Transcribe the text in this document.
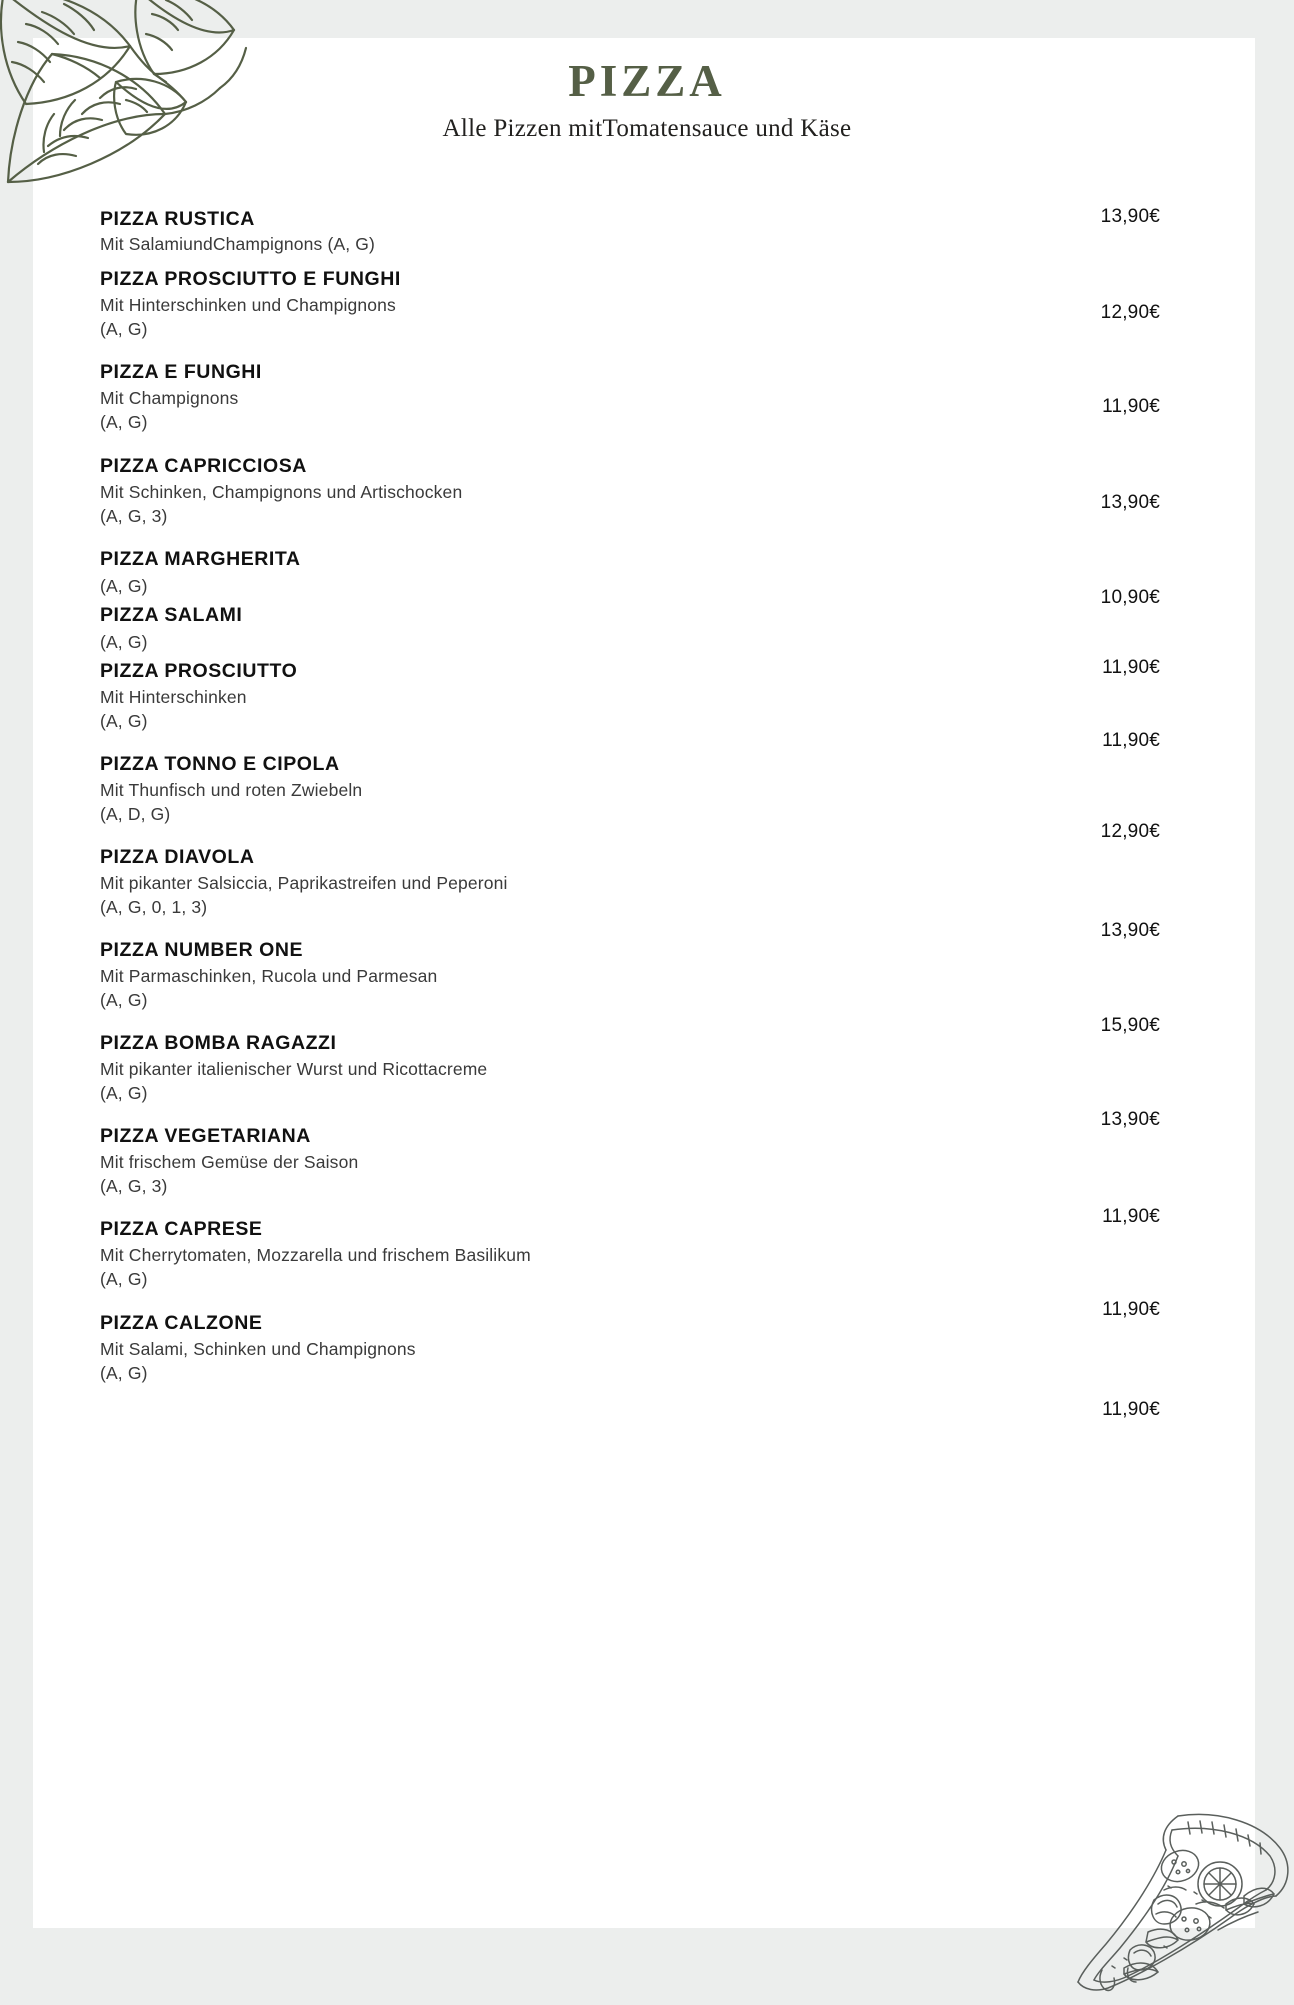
PIZZA
Alle Pizzen mitTomatensauce und Käse
PIZZA RUSTICA
Mit SalamiundChampignons (A, G)
13,90€
PIZZA PROSCIUTTO E FUNGHI
Mit Hinterschinken und Champignons
(A, G)
12,90€
PIZZA E FUNGHI
Mit Champignons
(A, G)
11,90€
PIZZA CAPRICCIOSA
Mit Schinken, Champignons und Artischocken
(A, G, 3)
13,90€
PIZZA MARGHERITA
(A, G)
10,90€
PIZZA SALAMI
(A, G)
11,90€
PIZZA PROSCIUTTO
Mit Hinterschinken
(A, G)
11,90€
PIZZA TONNO E CIPOLA
Mit Thunfisch und roten Zwiebeln
(A, D, G)
12,90€
PIZZA DIAVOLA
Mit pikanter Salsiccia, Paprikastreifen und Peperoni
(A, G, 0, 1, 3)
13,90€
PIZZA NUMBER ONE
Mit Parmaschinken, Rucola und Parmesan
(A, G)
15,90€
PIZZA BOMBA RAGAZZI
Mit pikanter italienischer Wurst und Ricottacreme
(A, G)
13,90€
PIZZA VEGETARIANA
Mit frischem Gemüse der Saison
(A, G, 3)
11,90€
PIZZA CAPRESE
Mit Cherrytomaten, Mozzarella und frischem Basilikum
(A, G)
11,90€
PIZZA CALZONE
Mit Salami, Schinken und Champignons
(A, G)
11,90€
